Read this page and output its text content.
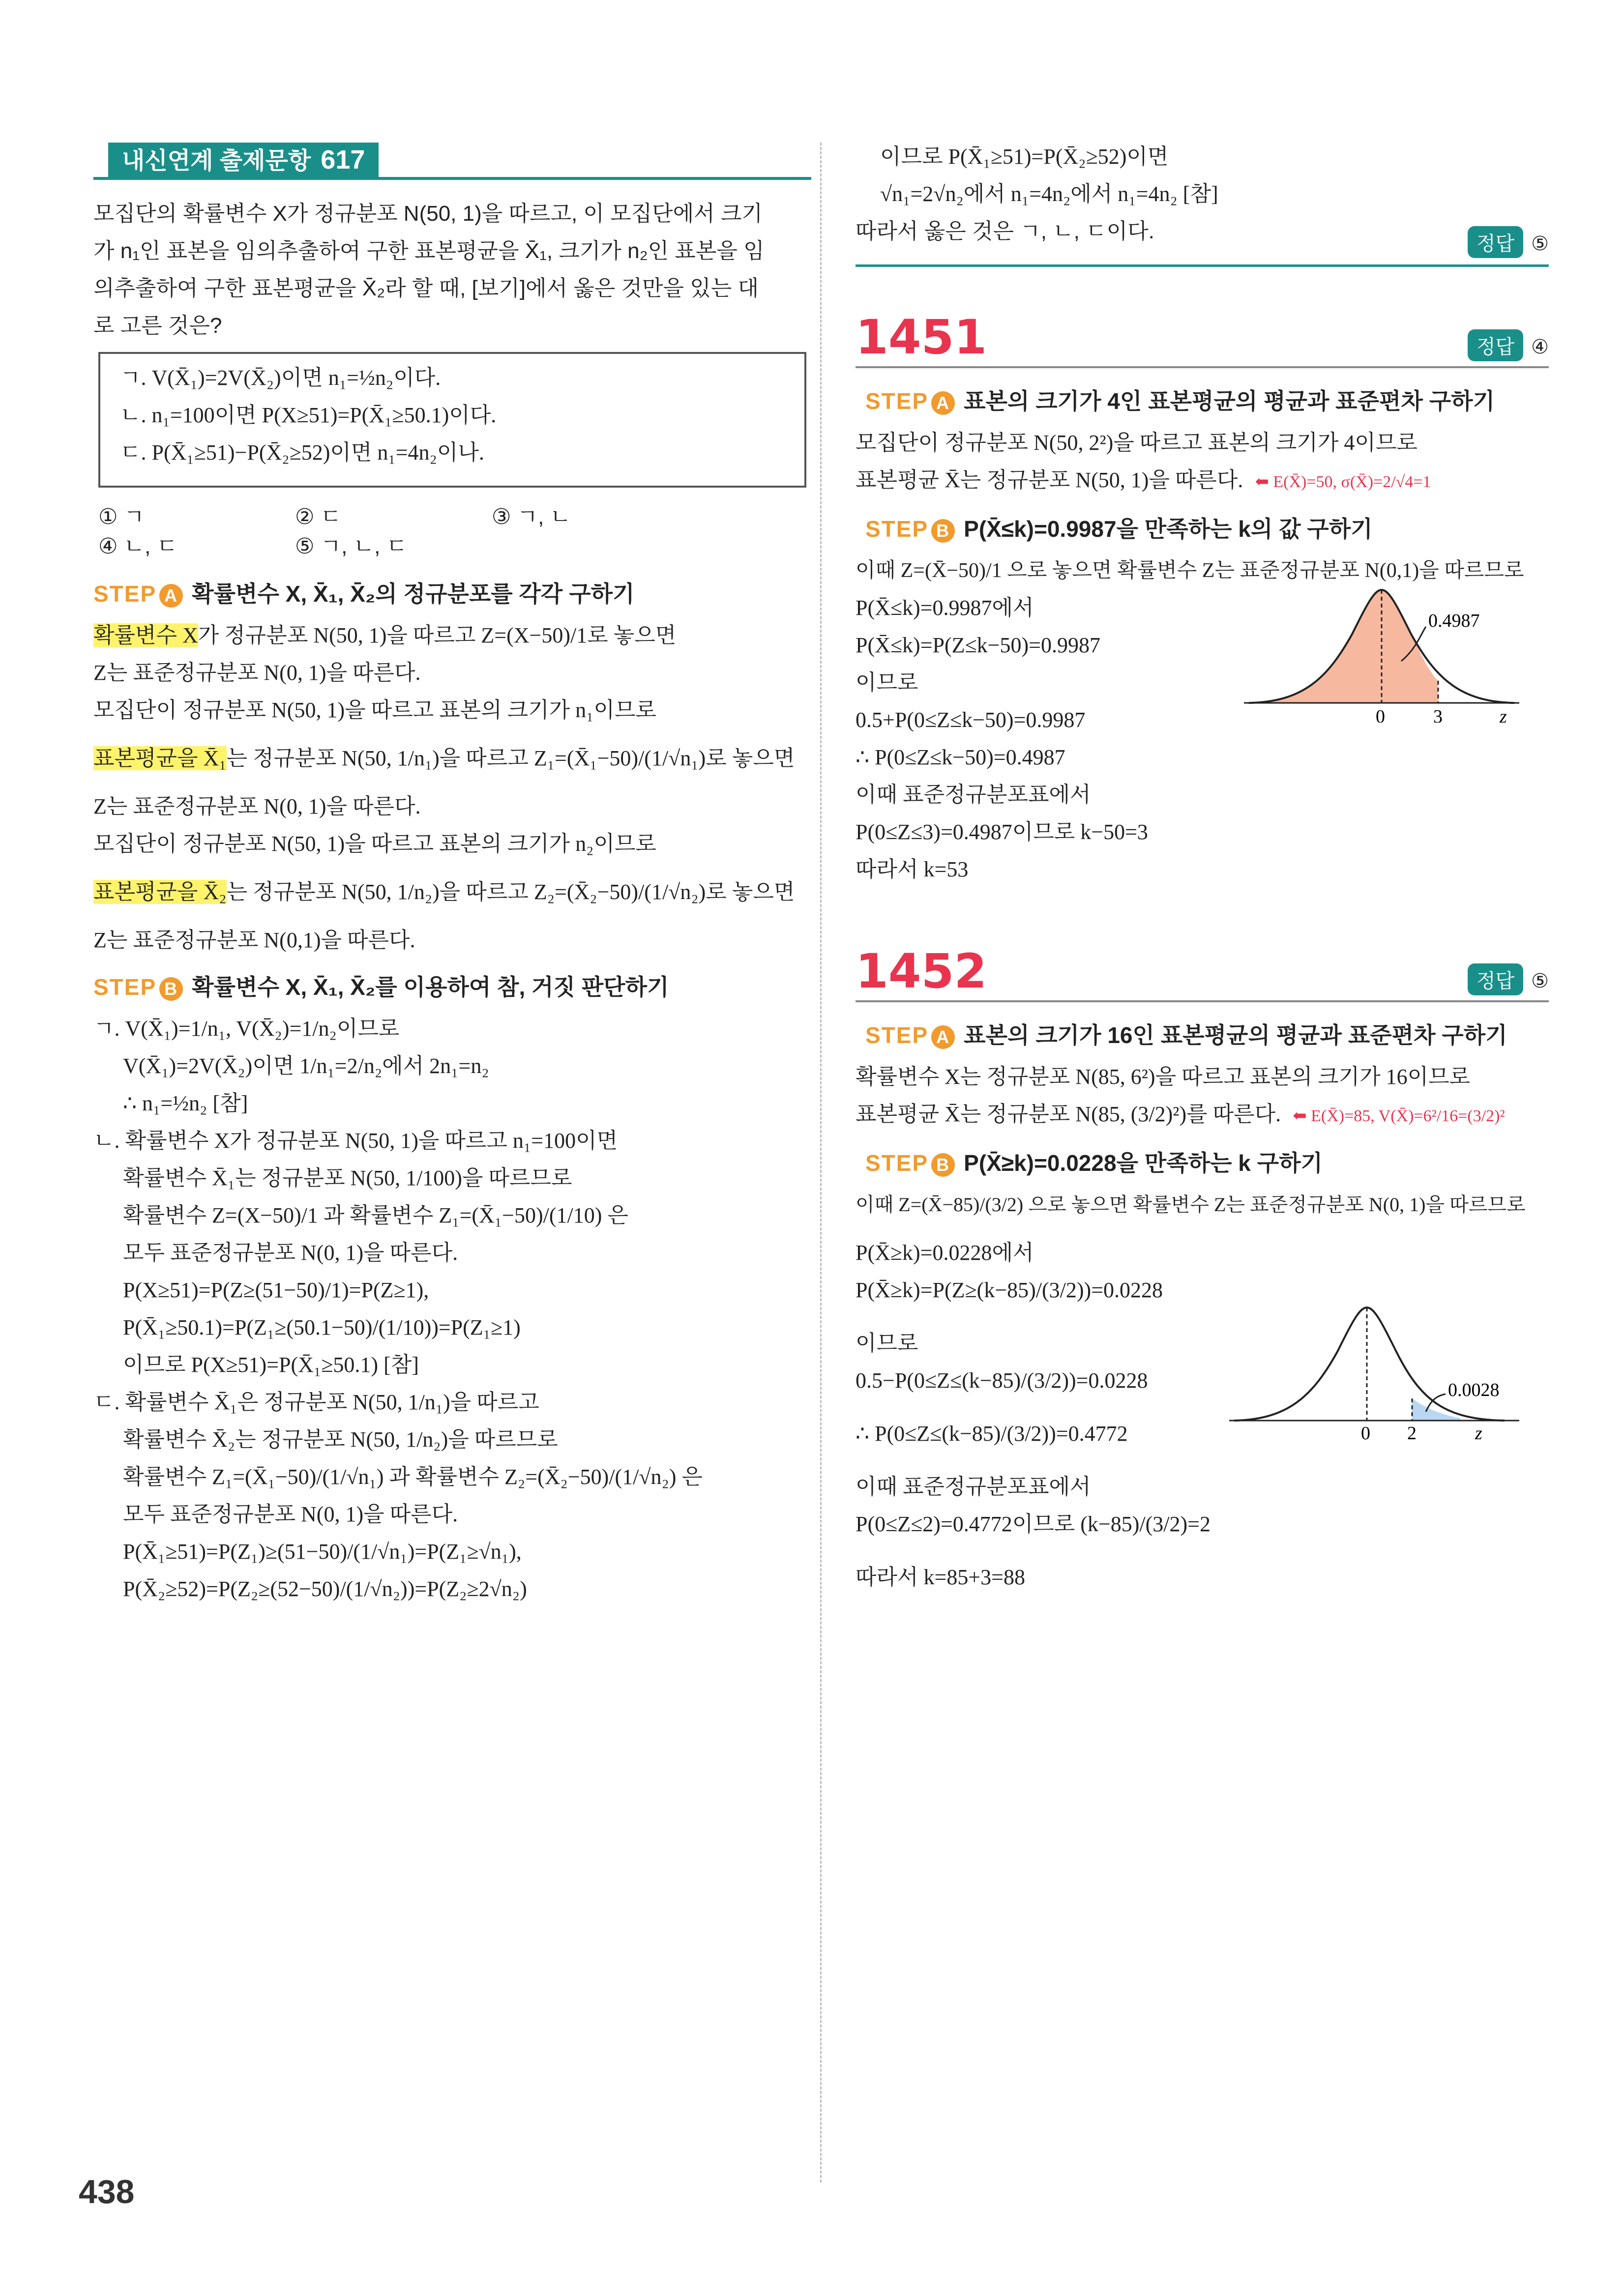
내신연계 출제문항 617

모집단의 확률변수 X가 정규분포 N(50, 1)을 따르고, 이 모집단에서 크기

가 n₁인 표본을 임의추출하여 구한 표본평균을 X̄₁, 크기가 n₂인 표본을 임

의추출하여 구한 표본평균을 X̄₂라 할 때, [보기]에서 옳은 것만을 있는 대

로 고른 것은?

ㄱ. V(X̄₁)=2V(X̄₂)이면 n₁=½n₂이다.

ㄴ. n₁=100이면 P(X≥51)=P(X̄₁≥50.1)이다.

ㄷ. P(X̄₁≥51)−P(X̄₂≥52)이면 n₁=4n₂이나.

① ㄱ	② ㄷ	③ ㄱ, ㄴ
④ ㄴ, ㄷ	⑤ ㄱ, ㄴ, ㄷ
STEP A 확률변수 X, X̄₁, X̄₂의 정규분포를 각각 구하기

확률변수 X가 정규분포 N(50, 1)을 따르고 Z=(X−50)/1로 놓으면

Z는 표준정규분포 N(0, 1)을 따른다.

모집단이 정규분포 N(50, 1)을 따르고 표본의 크기가 n₁이므로

표본평균을 X̄₁는 정규분포 N(50, 1/n₁)을 따르고 Z₁=(X̄₁−50)/(1/√n₁)로 놓으면

Z는 표준정규분포 N(0, 1)을 따른다.

모집단이 정규분포 N(50, 1)을 따르고 표본의 크기가 n₂이므로

표본평균을 X̄₂는 정규분포 N(50, 1/n₂)을 따르고 Z₂=(X̄₂−50)/(1/√n₂)로 놓으면

Z는 표준정규분포 N(0,1)을 따른다.

STEP B 확률변수 X, X̄₁, X̄₂를 이용하여 참, 거짓 판단하기

ㄱ. V(X̄₁)=1/n₁, V(X̄₂)=1/n₂이므로

V(X̄₁)=2V(X̄₂)이면 1/n₁=2/n₂에서 2n₁=n₂

∴ n₁=½n₂ [참]

ㄴ. 확률변수 X가 정규분포 N(50, 1)을 따르고 n₁=100이면

확률변수 X̄₁는 정규분포 N(50, 1/100)을 따르므로

확률변수 Z=(X−50)/1 과 확률변수 Z₁=(X̄₁−50)/(1/10) 은

모두 표준정규분포 N(0, 1)을 따른다.

P(X≥51)=P(Z≥(51−50)/1)=P(Z≥1),

P(X̄₁≥50.1)=P(Z₁≥(50.1−50)/(1/10))=P(Z₁≥1)

이므로 P(X≥51)=P(X̄₁≥50.1) [참]

ㄷ. 확률변수 X̄₁은 정규분포 N(50, 1/n₁)을 따르고

확률변수 X̄₂는 정규분포 N(50, 1/n₂)을 따르므로

확률변수 Z₁=(X̄₁−50)/(1/√n₁) 과 확률변수 Z₂=(X̄₂−50)/(1/√n₂) 은

모두 표준정규분포 N(0, 1)을 따른다.

P(X̄₁≥51)=P(Z₁)≥(51−50)/(1/√n₁)=P(Z₁≥√n₁),

P(X̄₂≥52)=P(Z₂≥(52−50)/(1/√n₂))=P(Z₂≥2√n₂)

이므로 P(X̄₁≥51)=P(X̄₂≥52)이면

√n₁=2√n₂에서 n₁=4n₂에서 n₁=4n₂ [참]

따라서 옳은 것은 ㄱ, ㄴ, ㄷ이다.

정답 ⑤
1451	정답 ④
STEP A 표본의 크기가 4인 표본평균의 평균과 표준편차 구하기

모집단이 정규분포 N(50, 2²)을 따르고 표본의 크기가 4이므로

표본평균 X̄는 정규분포 N(50, 1)을 따른다. ⬅ E(X̄)=50, σ(X̄)=2/√4=1

STEP B P(X̄≤k)=0.9987을 만족하는 k의 값 구하기

이때 Z=(X̄−50)/1 으로 놓으면 확률변수 Z는 표준정규분포 N(0,1)을 따르므로

P(X̄≤k)=0.9987에서

P(X̄≤k)=P(Z≤k−50)=0.9987

이므로

0.5+P(0≤Z≤k−50)=0.9987

∴ P(0≤Z≤k−50)=0.4987

이때 표준정규분포표에서

P(0≤Z≤3)=0.4987이므로 k−50=3

따라서 k=53

0.4987
0	3	z
1452	정답 ⑤
STEP A 표본의 크기가 16인 표본평균의 평균과 표준편차 구하기

확률변수 X는 정규분포 N(85, 6²)을 따르고 표본의 크기가 16이므로

표본평균 X̄는 정규분포 N(85, (3/2)²)를 따른다. ⬅ E(X̄)=85, V(X̄)=6²/16=(3/2)²

STEP B P(X̄≥k)=0.0228을 만족하는 k 구하기

이때 Z=(X̄−85)/(3/2) 으로 놓으면 확률변수 Z는 표준정규분포 N(0, 1)을 따르므로

P(X̄≥k)=0.0228에서

P(X̄≥k)=P(Z≥(k−85)/(3/2))=0.0228

이므로

0.5−P(0≤Z≤(k−85)/(3/2))=0.0228

∴ P(0≤Z≤(k−85)/(3/2))=0.4772

이때 표준정규분포표에서

P(0≤Z≤2)=0.4772이므로 (k−85)/(3/2)=2

따라서 k=85+3=88

0.0028
0 2	z
438
